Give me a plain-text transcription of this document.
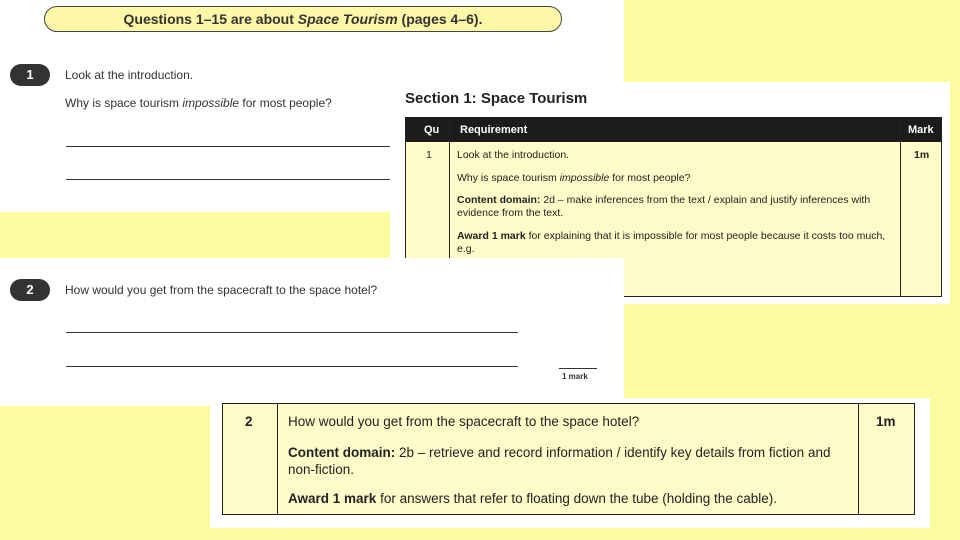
Questions 1–15 are about Space Tourism (pages 4–6).
1	Look at the introduction.
Why is space tourism impossible for most people?	Section 1: Space Tourism
Qu Requirement	Mark
1 Look at the introduction.
Why is space tourism impossible for most people?
Content domain: 2d – make inferences from the text / explain and justify inferences with evidence from the text.
Award 1 mark for explaining that it is impossible for most people because it costs too much, e.g.
1m
2	How would you get from the spacecraft to the space hotel?
1 mark
2	How would you get from the spacecraft to the space hotel?
Content domain: 2b – retrieve and record information / identify key details from fiction and non-fiction.
Award 1 mark for answers that refer to floating down the tube (holding the cable).
1m
